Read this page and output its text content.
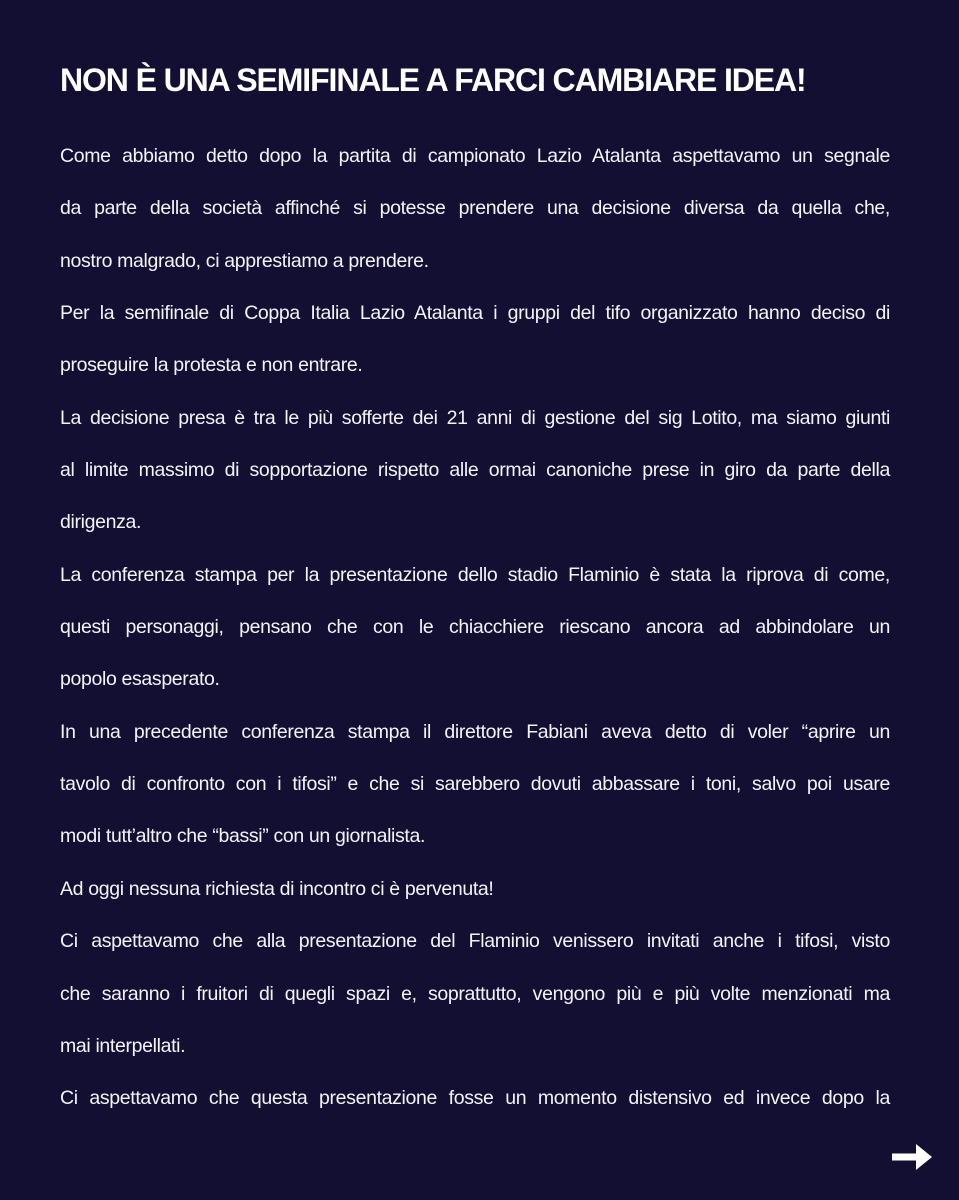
NON È UNA SEMIFINALE A FARCI CAMBIARE IDEA!
Come abbiamo detto dopo la partita di campionato Lazio Atalanta aspettavamo un segnale
da parte della società affinché si potesse prendere una decisione diversa da quella che,
nostro malgrado, ci apprestiamo a prendere.
Per la semifinale di Coppa Italia Lazio Atalanta i gruppi del tifo organizzato hanno deciso di
proseguire la protesta e non entrare.
La decisione presa è tra le più sofferte dei 21 anni di gestione del sig Lotito, ma siamo giunti
al limite massimo di sopportazione rispetto alle ormai canoniche prese in giro da parte della
dirigenza.
La conferenza stampa per la presentazione dello stadio Flaminio è stata la riprova di come,
questi personaggi, pensano che con le chiacchiere riescano ancora ad abbindolare un
popolo esasperato.
In una precedente conferenza stampa il direttore Fabiani aveva detto di voler “aprire un
tavolo di confronto con i tifosi” e che si sarebbero dovuti abbassare i toni, salvo poi usare
modi tutt’altro che “bassi” con un giornalista.
Ad oggi nessuna richiesta di incontro ci è pervenuta!
Ci aspettavamo che alla presentazione del Flaminio venissero invitati anche i tifosi, visto
che saranno i fruitori di quegli spazi e, soprattutto, vengono più e più volte menzionati ma
mai interpellati.
Ci aspettavamo che questa presentazione fosse un momento distensivo ed invece dopo la
